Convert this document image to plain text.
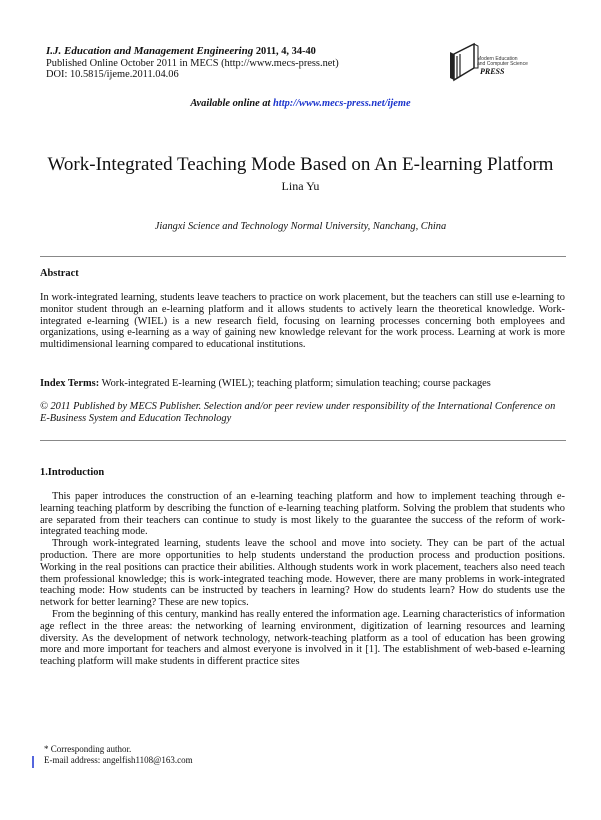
I.J. Education and Management Engineering 2011, 4, 34-40
Published Online October 2011 in MECS (http://www.mecs-press.net)
DOI: 10.5815/ijeme.2011.04.06
Modern Education
and Computer Science
PRESS
Available online at http://www.mecs-press.net/ijeme
Work-Integrated Teaching Mode Based on An E-learning Platform
Lina Yu
Jiangxi Science and Technology Normal University, Nanchang, China
Abstract

In work-integrated learning, students leave teachers to practice on work placement, but the teachers can still use e-learning to monitor student through an e-learning platform and it allows students to actively learn the theoretical knowledge. Work-integrated e-learning (WIEL) is a new research field, focusing on learning processes concerning both employees and organizations, using e-learning as a way of gaining new knowledge relevant for the work process. Learning at work is more multidimensional learning compared to educational institutions.

Index Terms: Work-integrated E-learning (WIEL); teaching platform; simulation teaching; course packages

© 2011 Published by MECS Publisher. Selection and/or peer review under responsibility of the International Conference on E-Business System and Education Technology

1.Introduction

This paper introduces the construction of an e-learning teaching platform and how to implement teaching through e-learning teaching platform by describing the function of e-learning teaching platform. Solving the problem that students who are separated from their teachers can continue to study is most likely to the guarantee the success of the reform of work-integrated teaching mode.

Through work-integrated learning, students leave the school and move into society. They can be part of the actual production. There are more opportunities to help students understand the production process and production positions. Working in the real positions can practice their abilities. Although students work in work placement, teachers also need teach them professional knowledge; this is work-integrated teaching mode. However, there are many problems in work-integrated teaching mode: How students can be instructed by teachers in learning? How do students learn? How do students use the network for better learning? These are new topics.

From the beginning of this century, mankind has really entered the information age. Learning characteristics of information age reflect in the three areas: the networking of learning environment, digitization of learning resources and learning diversity. As the development of network technology, network-teaching platform as a tool of education has been growing more and more important for teachers and almost everyone is involved in it [1]. The establishment of web-based e-learning teaching platform will make students in different practice sites

* Corresponding author.
E-mail address: angelfish1108@163.com
